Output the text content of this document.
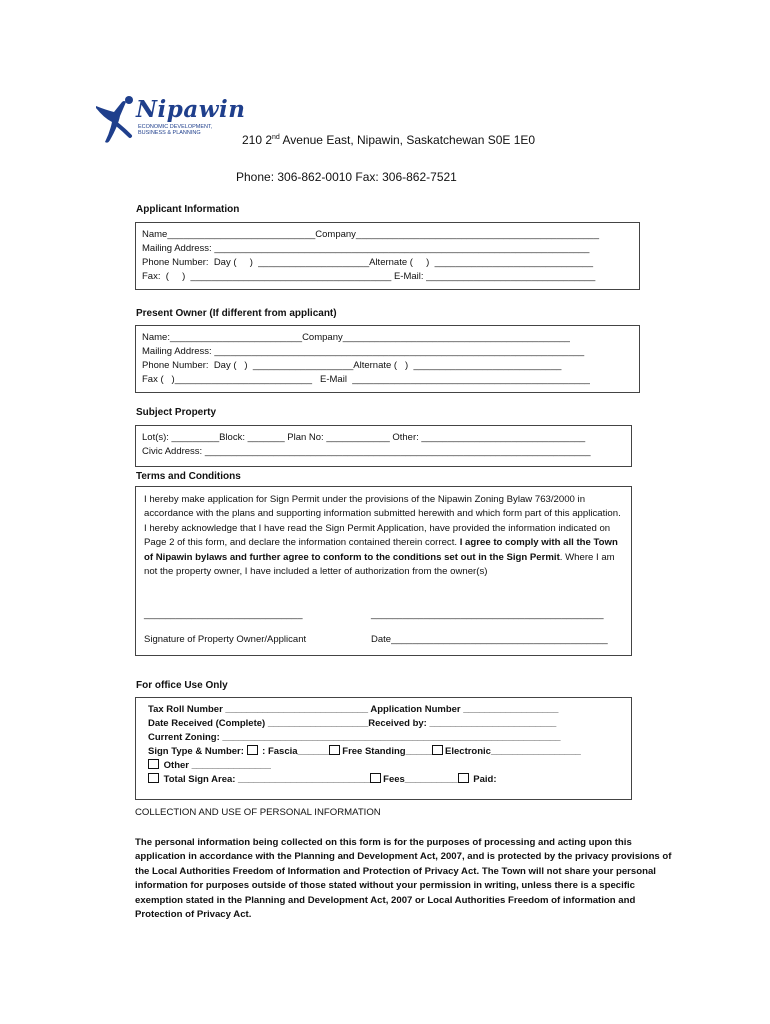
Nipawin
ECONOMIC DEVELOPMENT, BUSINESS & PLANNING	210 2nd Avenue East, Nipawin, Saskatchewan S0E 1E0
Phone: 306-862-0010 Fax: 306-862-7521
Applicant Information
Name____________________________Company______________________________________________
Mailing Address: _______________________________________________________________________
Phone Number:  Day (     )  _____________________Alternate (     )  ______________________________
Fax:  (     )  ______________________________________ E-Mail: ________________________________
Present Owner (If different from applicant)
Name:_________________________Company___________________________________________
Mailing Address: ______________________________________________________________________
Phone Number:  Day (   )  ___________________Alternate (   )  ____________________________
Fax (   )__________________________   E-Mail  _____________________________________________
Subject Property
Lot(s): _________Block: _______ Plan No: ____________ Other: _______________________________
Civic Address: _________________________________________________________________________
Terms and Conditions
I hereby make application for Sign Permit under the provisions of the Nipawin Zoning Bylaw 763/2000 in accordance with the plans and supporting information submitted herewith and which form part of this application. I hereby acknowledge that I have read the Sign Permit Application, have provided the information indicated on Page 2 of this form, and declare the information contained therein correct. I agree to comply with all the Town of Nipawin bylaws and further agree to conform to the conditions set out in the Sign Permit. Where I am not the property owner, I have included a letter of authorization from the owner(s)
______________________________	____________________________________________
Signature of Property Owner/Applicant	Date_________________________________________
For office Use Only
Tax Roll Number ___________________________ Application Number __________________
Date Received (Complete) ___________________Received by: ________________________
Current Zoning: ________________________________________________________________
Sign Type & Number:  : Fascia______ Free Standing_____ Electronic_________________
Other _______________
Total Sign Area: _________________________ Fees__________ Paid:
COLLECTION AND USE OF PERSONAL INFORMATION
The personal information being collected on this form is for the purposes of processing and acting upon this application in accordance with the Planning and Development Act, 2007, and is protected by the privacy provisions of the Local Authorities Freedom of Information and Protection of Privacy Act. The Town will not share your personal information for purposes outside of those stated without your permission in writing, unless there is a specific exemption stated in the Planning and Development Act, 2007 or Local Authorities Freedom of information and Protection of Privacy Act.
